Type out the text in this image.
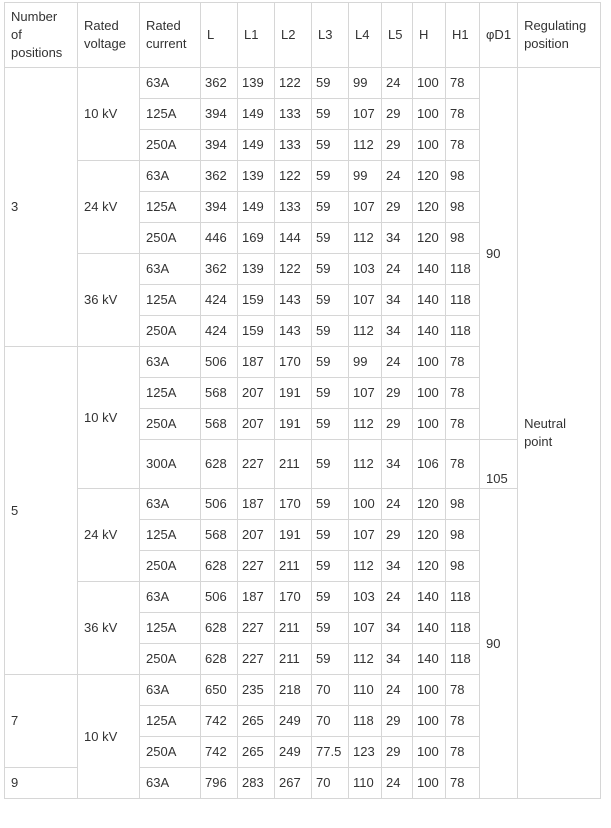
Number of positions	Rated voltage	Rated current	L	L1	L2	L3	L4	L5	H	H1	φD1	Regulating position
3	10 kV	63A	362	139	122	59	99	24	100	78	90	Neutral point
		125A	394	149	133	59	107	29	100	78		
		250A	394	149	133	59	112	29	100	78		
	24 kV	63A	362	139	122	59	99	24	120	98		
		125A	394	149	133	59	107	29	120	98		
		250A	446	169	144	59	112	34	120	98		
	36 kV	63A	362	139	122	59	103	24	140	118		
		125A	424	159	143	59	107	34	140	118		
		250A	424	159	143	59	112	34	140	118		
5	10 kV	63A	506	187	170	59	99	24	100	78		
		125A	568	207	191	59	107	29	100	78		
		250A	568	207	191	59	112	29	100	78		
		300A	628	227	211	59	112	34	106	78	105	
	24 kV	63A	506	187	170	59	100	24	120	98	90	
		125A	568	207	191	59	107	29	120	98		
		250A	628	227	211	59	112	34	120	98		
	36 kV	63A	506	187	170	59	103	24	140	118		
		125A	628	227	211	59	107	34	140	118		
		250A	628	227	211	59	112	34	140	118		
7	10 kV	63A	650	235	218	70	110	24	100	78		
		125A	742	265	249	70	118	29	100	78		
		250A	742	265	249	77.5	123	29	100	78		
9		63A	796	283	267	70	110	24	100	78		
